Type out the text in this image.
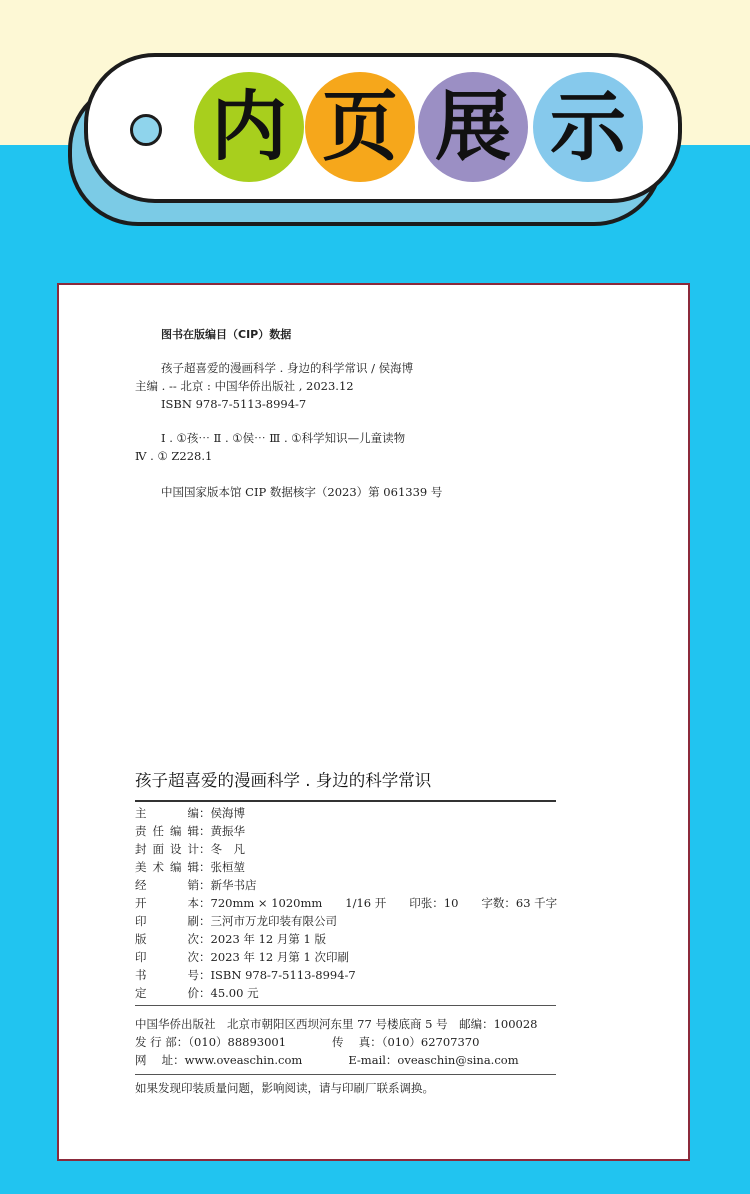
内 页 展 示
图书在版编目（CIP）数据
孩子超喜爱的漫画科学 . 身边的科学常识 / 侯海博
主编 . -- 北京 : 中国华侨出版社 , 2023.12
ISBN 978-7-5113-8994-7
Ⅰ . ①孩⋯ Ⅱ . ①侯⋯ Ⅲ . ①科学知识—儿童读物
Ⅳ . ① Z228.1
中国国家版本馆 CIP 数据核字（2023）第 061339 号
孩子超喜爱的漫画科学 . 身边的科学常识
主编：侯海博
责任编辑：黄振华
封面设计：冬　凡
美术编辑：张桓堃
经销：新华书店
开本：720mm × 1020mm　　1/16 开　　印张：10　　字数：63 千字
印刷：三河市万龙印装有限公司
版次：2023 年 12 月第 1 版
印次：2023 年 12 月第 1 次印刷
书号：ISBN 978-7-5113-8994-7
定价：45.00 元
中国华侨出版社　北京市朝阳区西坝河东里 77 号楼底商 5 号　邮编：100028
发 行 部：（010）88893001　　　　传　 真：（010）62707370
网　 址：www.oveaschin.com　　　　E-mail：oveaschin@sina.com
如果发现印装质量问题，影响阅读，请与印刷厂联系调换。
